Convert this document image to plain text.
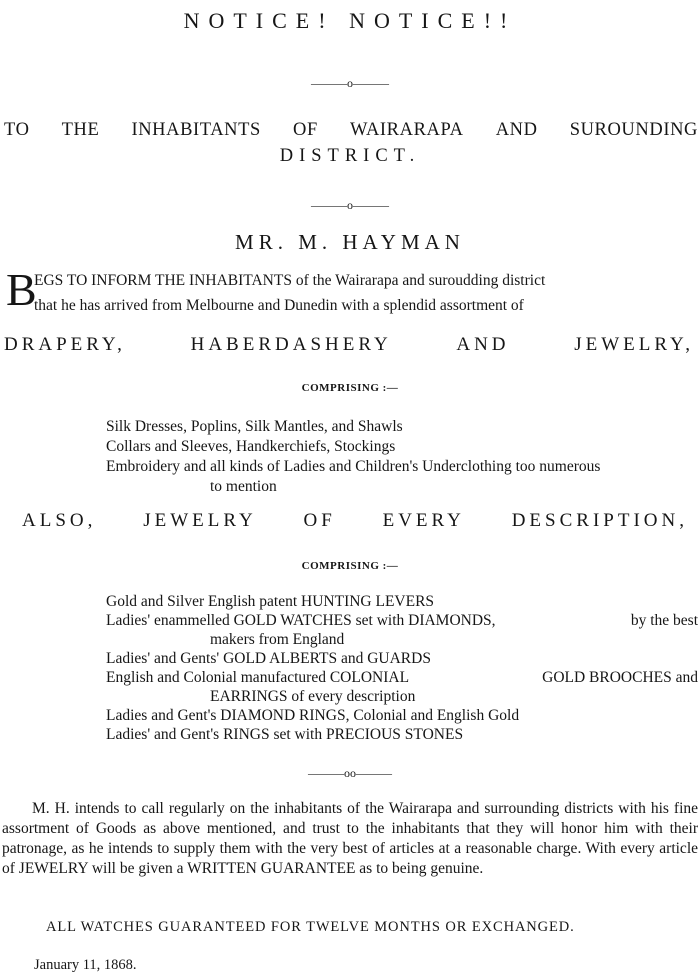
NOTICE! NOTICE!!
———o———
TO THE INHABITANTS OF WAIRARAPA AND SUROUNDING
DISTRICT.
———o———
MR. M. HAYMAN
B
EGS TO INFORM THE INHABITANTS of the Wairarapa and suroudding district
that he has arrived from Melbourne and Dunedin with a splendid assortment of
DRAPERY,	HABERDASHERY	AND	JEWELRY,
COMPRISING :—
Silk Dresses, Poplins, Silk Mantles, and Shawls
Collars and Sleeves, Handkerchiefs, Stockings
Embroidery and all kinds of Ladies and Children's Underclothing too numerous
to mention
ALSO, JEWELRY OF EVERY DESCRIPTION,
COMPRISING :—
Gold and Silver English patent HUNTING LEVERS
Ladies' enammelled GOLD WATCHES set with DIAMONDS,	by the best
makers from England
Ladies' and Gents' GOLD ALBERTS and GUARDS
English and Colonial manufactured COLONIAL	GOLD BROOCHES and
EARRINGS of every description
Ladies and Gent's DIAMOND RINGS, Colonial and English Gold
Ladies' and Gent's RINGS set with PRECIOUS STONES
———oo———
M. H. intends to call regularly on the inhabitants of the Wairarapa and surrounding districts with his fine assortment of Goods as above mentioned, and trust to the inhabitants that they will honor him with their patronage, as he intends to supply them with the very best of articles at a reasonable charge. With every article of JEWELRY will be given a WRITTEN GUARANTEE as to being genuine.
ALL WATCHES GUARANTEED FOR TWELVE MONTHS OR EXCHANGED.
January 11, 1868.
